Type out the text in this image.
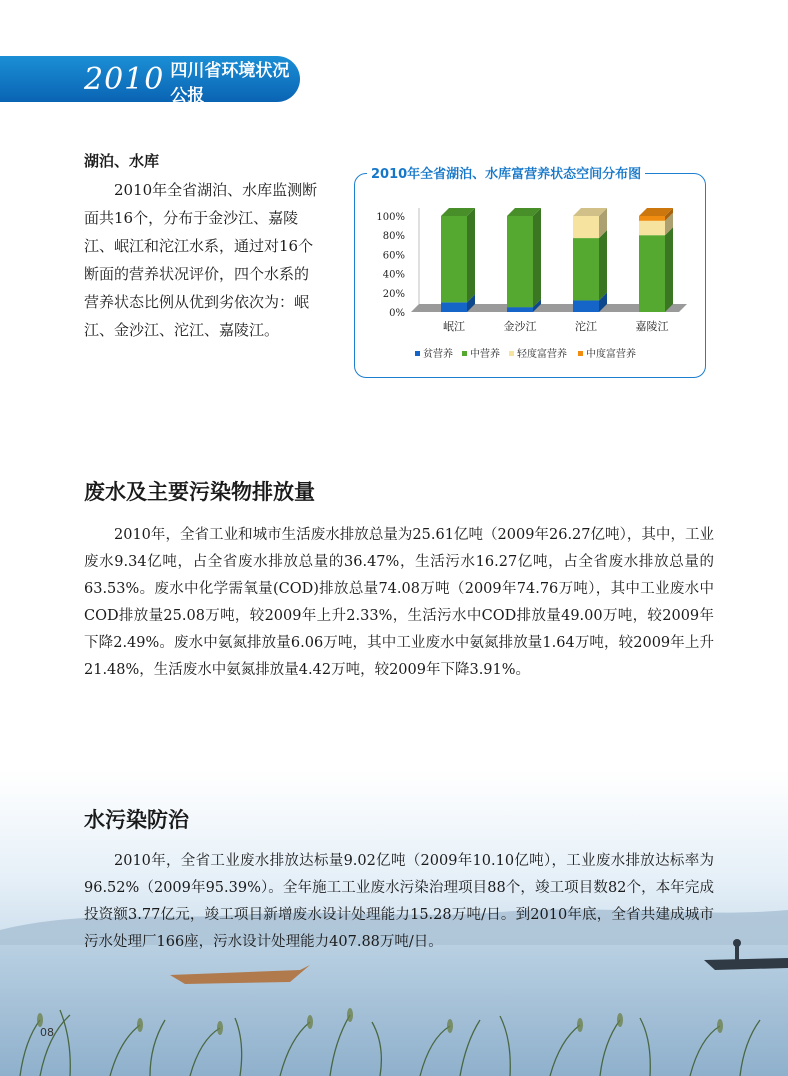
2010 四川省环境状况公报
湖泊、水库

2010年全省湖泊、水库监测断面共16个，分布于金沙江、嘉陵江、岷江和沱江水系，通过对16个断面的营养状况评价，四个水系的营养状态比例从优到劣依次为：岷江、金沙江、沱江、嘉陵江。

2010年全省湖泊、水库富营养状态空间分布图
0%
20%
40%
60%
80%
100%
岷江	金沙江	沱江	嘉陵江
贫营养 中营养 轻度富营养 中度富营养
废水及主要污染物排放量

2010年，全省工业和城市生活废水排放总量为25.61亿吨（2009年26.27亿吨），其中，工业废水9.34亿吨，占全省废水排放总量的36.47%，生活污水16.27亿吨，占全省废水排放总量的63.53%。废水中化学需氧量(COD)排放总量74.08万吨（2009年74.76万吨），其中工业废水中COD排放量25.08万吨，较2009年上升2.33%，生活污水中COD排放量49.00万吨，较2009年下降2.49%。废水中氨氮排放量6.06万吨，其中工业废水中氨氮排放量1.64万吨，较2009年上升21.48%，生活废水中氨氮排放量4.42万吨，较2009年下降3.91%。

水污染防治

2010年，全省工业废水排放达标量9.02亿吨（2009年10.10亿吨），工业废水排放达标率为96.52%（2009年95.39%）。全年施工工业废水污染治理项目88个，竣工项目数82个，本年完成投资额3.77亿元，竣工项目新增废水设计处理能力15.28万吨/日。到2010年底，全省共建成城市污水处理厂166座，污水设计处理能力407.88万吨/日。

08
